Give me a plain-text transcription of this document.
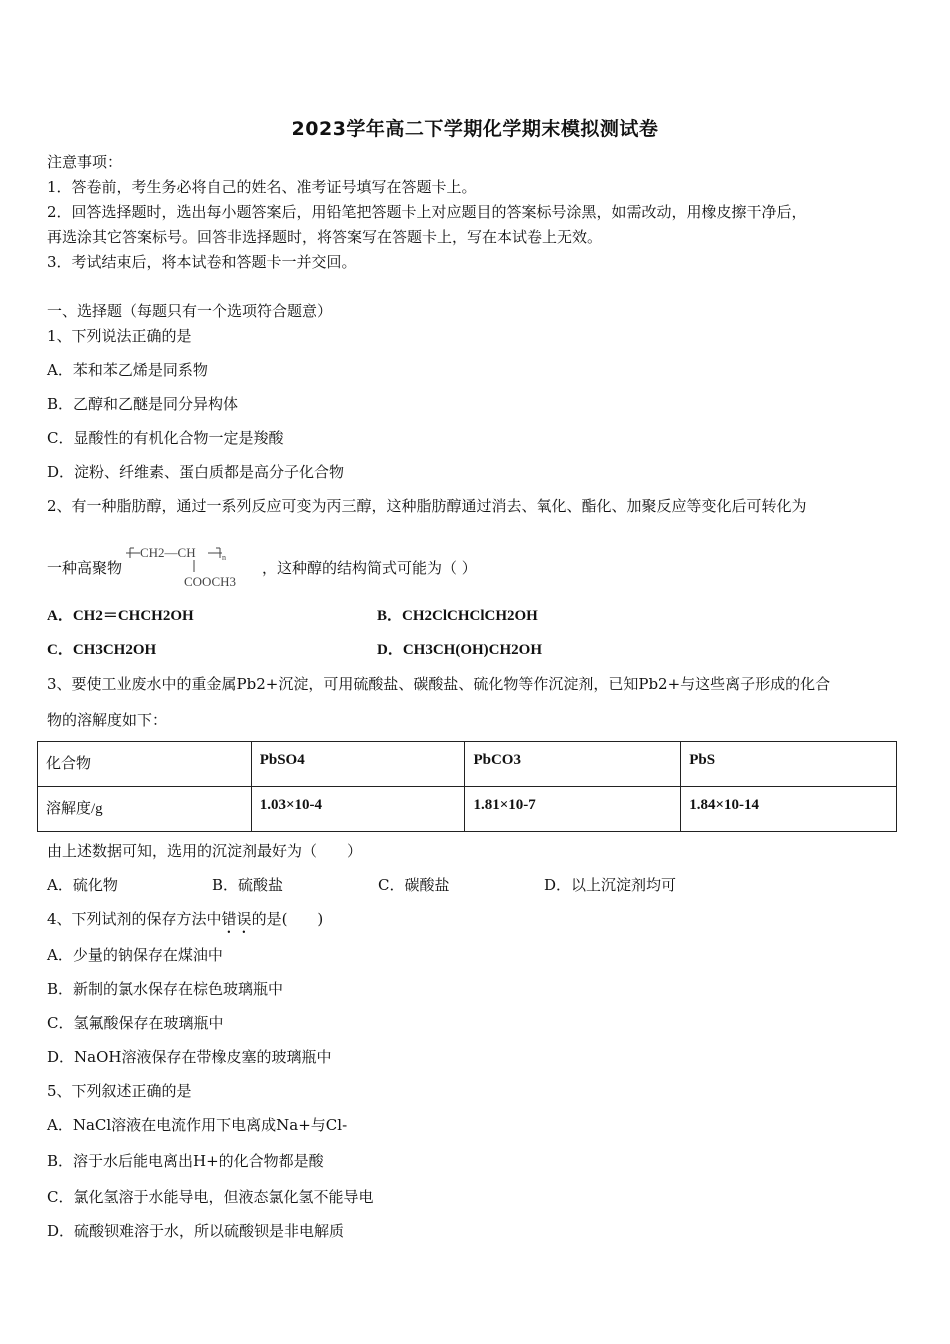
2023学年高二下学期化学期末模拟测试卷
注意事项：
1．答卷前，考生务必将自己的姓名、准考证号填写在答题卡上。
2．回答选择题时，选出每小题答案后，用铅笔把答题卡上对应题目的答案标号涂黑，如需改动，用橡皮擦干净后，
再选涂其它答案标号。回答非选择题时，将答案写在答题卡上，写在本试卷上无效。
3．考试结束后，将本试卷和答题卡一并交回。
一、选择题（每题只有一个选项符合题意）
1、下列说法正确的是
A．苯和苯乙烯是同系物
B．乙醇和乙醚是同分异构体
C．显酸性的有机化合物一定是羧酸
D．淀粉、纤维素、蛋白质都是高分子化合物
2、有一种脂肪醇，通过一系列反应可变为丙三醇，这种脂肪醇通过消去、氧化、酯化、加聚反应等变化后可转化为
一种高聚物
CH2—CH	n
COOCH3
，这种醇的结构简式可能为（ ）
A．CH2＝CHCH2OH	B．CH2ClCHClCH2OH
C．CH3CH2OH	D．CH3CH(OH)CH2OH
3、要使工业废水中的重金属Pb2+沉淀，可用硫酸盐、碳酸盐、硫化物等作沉淀剂，已知Pb2+与这些离子形成的化合
物的溶解度如下：
化合物	PbSO4	PbCO3	PbS
溶解度/g	1.03×10-4	1.81×10-7	1.84×10-14
由上述数据可知，选用的沉淀剂最好为（　　）
A．硫化物	B．硫酸盐	C．碳酸盐	D．以上沉淀剂均可
4、下列试剂的保存方法中错误的是(　　)
A．少量的钠保存在煤油中
B．新制的氯水保存在棕色玻璃瓶中
C．氢氟酸保存在玻璃瓶中
D．NaOH溶液保存在带橡皮塞的玻璃瓶中
5、下列叙述正确的是
A．NaCl溶液在电流作用下电离成Na+与Cl-
B．溶于水后能电离出H+的化合物都是酸
C．氯化氢溶于水能导电，但液态氯化氢不能导电
D．硫酸钡难溶于水，所以硫酸钡是非电解质
